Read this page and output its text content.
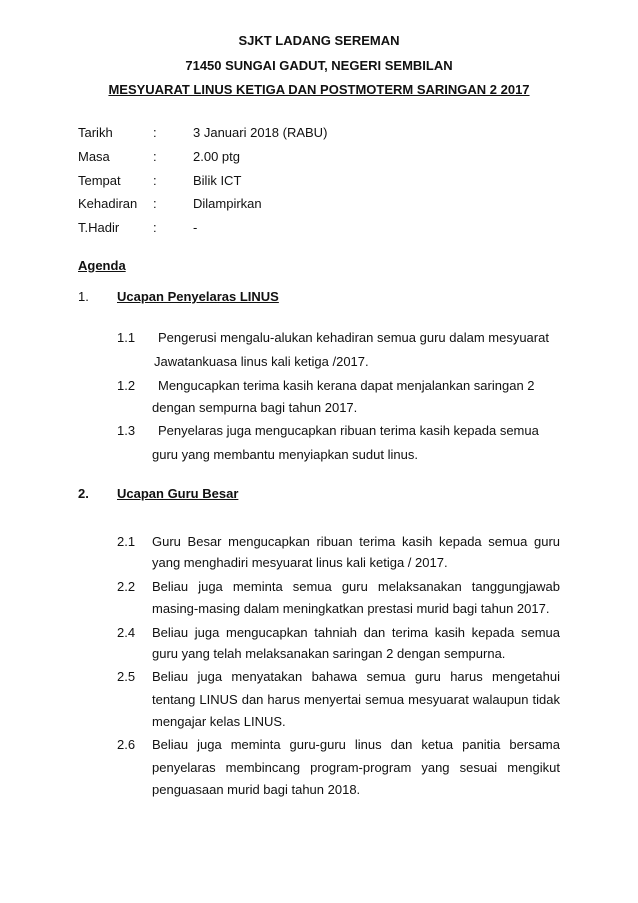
SJKT LADANG SEREMAN
71450 SUNGAI GADUT, NEGERI SEMBILAN
MESYUARAT LINUS KETIGA DAN POSTMOTERM SARINGAN 2 2017
Tarikh	:	3 Januari 2018 (RABU)
Masa	:	2.00 ptg
Tempat :	Bilik ICT
Kehadiran :	Dilampirkan
T.Hadir	:	-
Agenda
1. Ucapan Penyelaras LINUS
1.1 Pengerusi mengalu-alukan kehadiran semua guru dalam mesyuarat
Jawatankuasa linus kali ketiga /2017.
1.2 Mengucapkan terima kasih kerana dapat menjalankan saringan 2
dengan sempurna bagi tahun 2017.
1.3 Penyelaras juga mengucapkan ribuan terima kasih kepada semua
guru yang membantu menyiapkan sudut linus.
2. Ucapan Guru Besar
2.1 Guru Besar mengucapkan ribuan terima kasih kepada semua guru
yang menghadiri mesyuarat linus kali ketiga / 2017.
2.2 Beliau juga meminta semua guru melaksanakan tanggungjawab
masing-masing dalam meningkatkan prestasi murid bagi tahun 2017.
2.4 Beliau juga mengucapkan tahniah dan terima kasih kepada semua
guru yang telah melaksanakan saringan 2 dengan sempurna.
2.5 Beliau juga menyatakan bahawa semua guru harus mengetahui
tentang LINUS dan harus menyertai semua mesyuarat walaupun tidak
mengajar kelas LINUS.
2.6 Beliau juga meminta guru-guru linus dan ketua panitia bersama
penyelaras membincang program-program yang sesuai mengikut
penguasaan murid bagi tahun 2018.
